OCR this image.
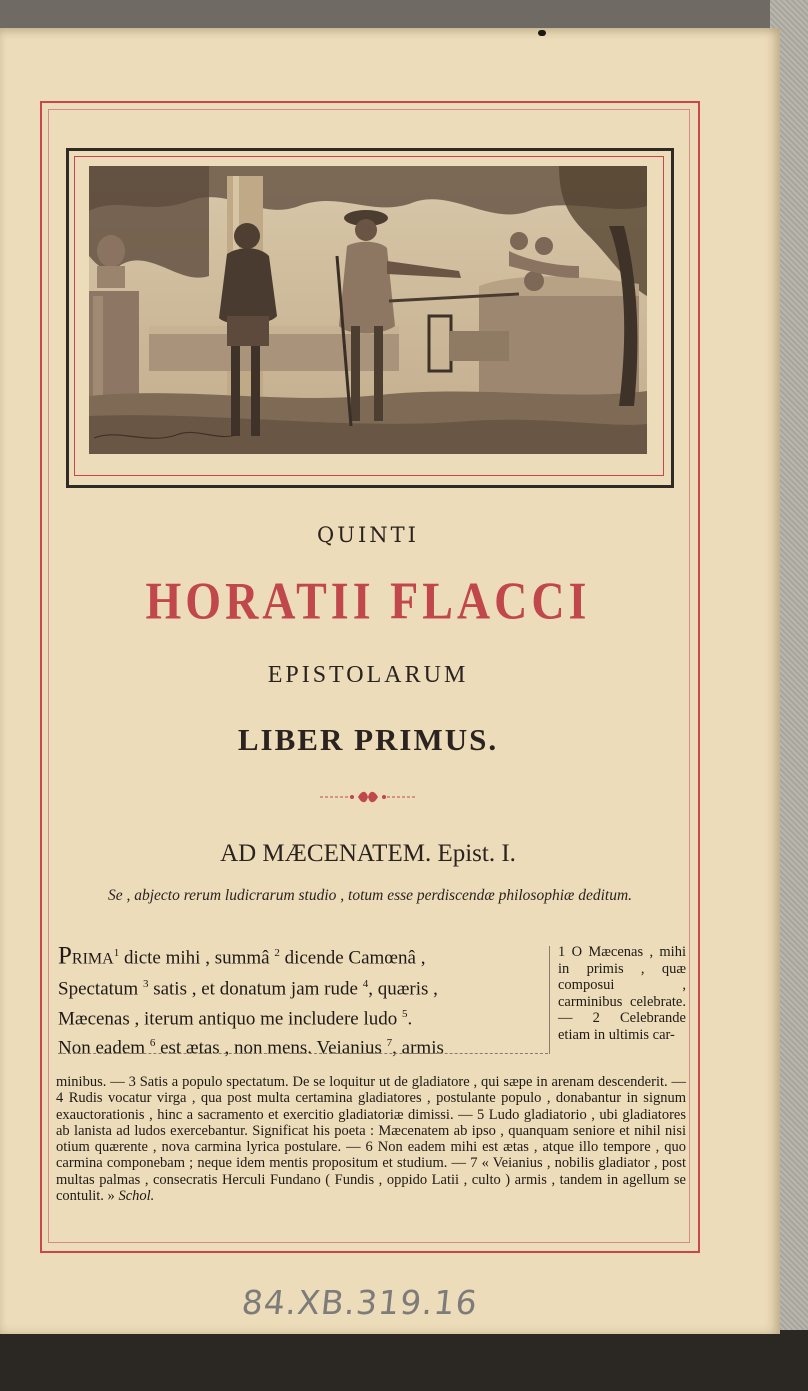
QUINTI

HORATII FLACCI

EPISTOLARUM

LIBER PRIMUS.

AD MÆCENATEM. Epist. I.

Se , abjecto rerum ludicrarum studio , totum esse perdiscendæ philosophiæ deditum.

PRIMA$^1$ dicte mihi , summâ $^2$ dicende Camœnâ ,
Spectatum $^3$ satis , et donatum jam rude $^4$, quæris ,
Mæcenas , iterum antiquo me includere ludo $^5$.
Non eadem $^6$ est ætas , non mens. Veianius $^7$, armis
1 O Mæcenas , mihi in primis , quæ composui , carminibus celebrate. — 2 Celebrande etiam in ultimis car-
minibus. — 3 Satis a populo spectatum. De se loquitur ut de gladiatore , qui sæpe in arenam descenderit. — 4 Rudis vocatur virga , qua post multa certamina gladiatores , postulante populo , donabantur in signum exauctorationis , hinc a sacramento et exercitio gladiatoriæ dimissi. — 5 Ludo gladiatorio , ubi gladiatores ab lanista ad ludos exercebantur. Significat his poeta : Mæcenatem ab ipso , quanquam seniore et nihil nisi otium quærente , nova carmina lyrica postulare. — 6 Non eadem mihi est ætas , atque illo tempore , quo carmina componebam ; neque idem mentis propositum et studium. — 7 « Veianius , nobilis gladiator , post multas palmas , consecratis Herculi Fundano ( Fundis , oppido Latii , culto ) armis , tandem in agellum se contulit. » Schol.
84.XB.319.16
